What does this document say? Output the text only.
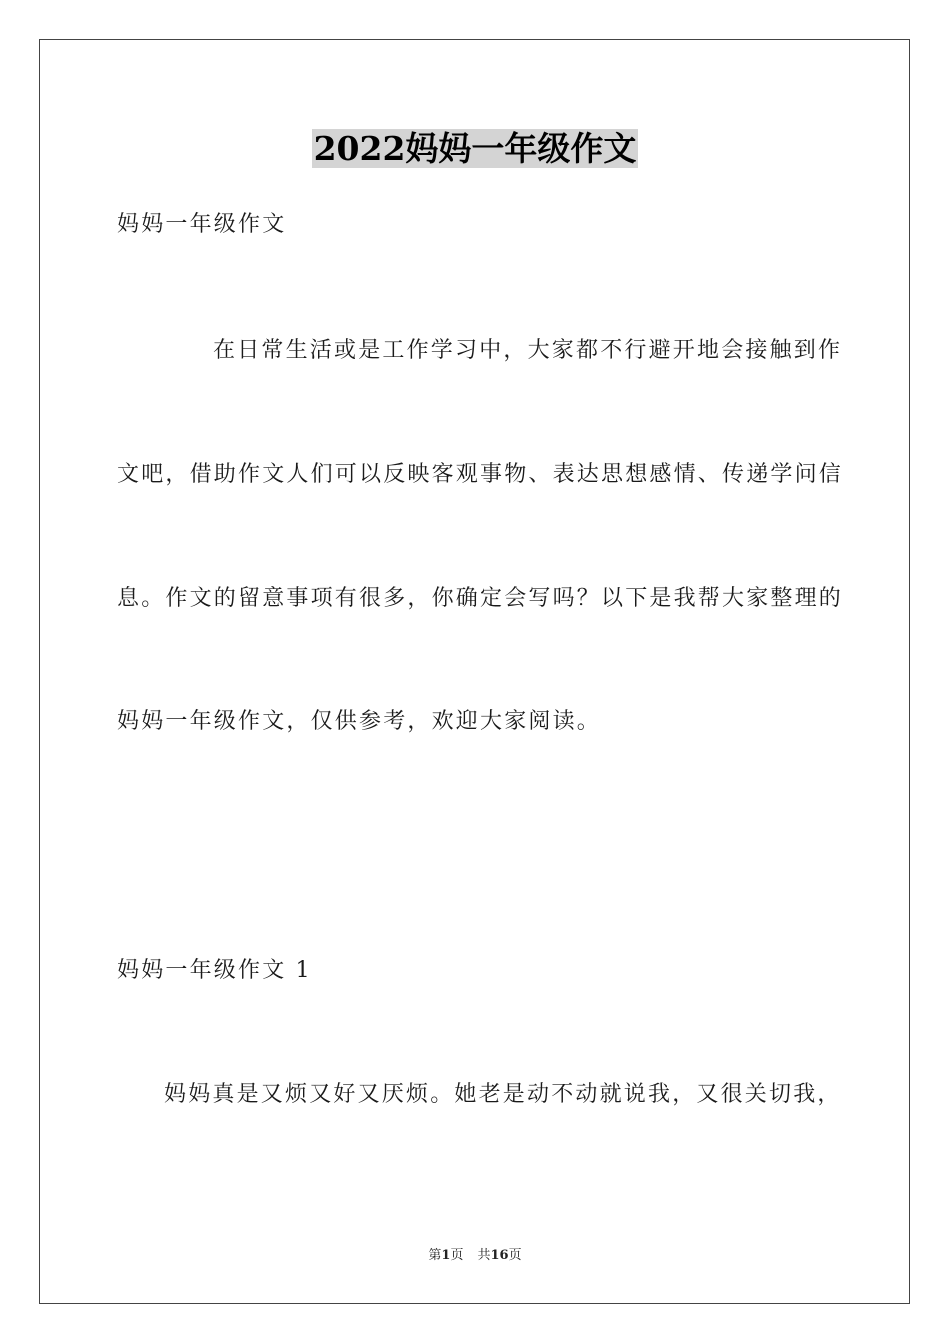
2022妈妈一年级作文
妈妈一年级作文
在日常生活或是工作学习中，大家都不行避开地会接触到作
文吧，借助作文人们可以反映客观事物、表达思想感情、传递学问信
息。作文的留意事项有很多，你确定会写吗？以下是我帮大家整理的
妈妈一年级作文，仅供参考，欢迎大家阅读。
妈妈一年级作文 1
妈妈真是又烦又好又厌烦。她老是动不动就说我，又很关切我，
第1页 共16页
